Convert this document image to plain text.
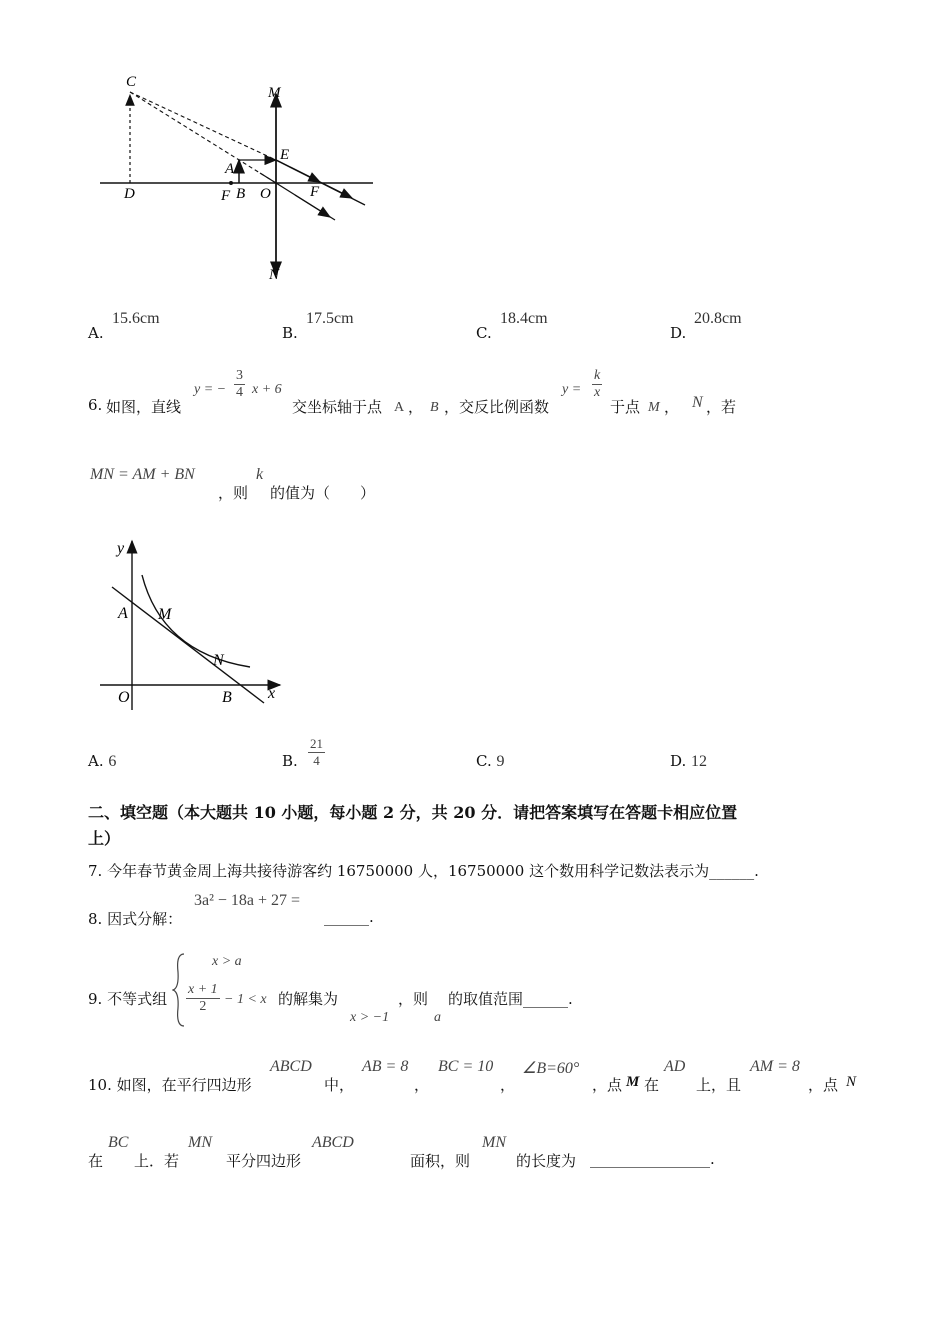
C
D
A
B
F O
E
F
M
N
A.
15.6cm
B.
17.5cm
C.
18.4cm
D.
20.8cm
6. 如图，直线
y = − $\frac{3}{4}$ x + 6
交坐标轴于点 A ， B ，交反比例函数
$y = \frac{k}{x}$
于点 M ， N ，若
MN = AM + BN
，则
k
的值为（　　）
y
A M
N
O	B x
A. 6	B. $\frac{21}{4}$	C. 9	D. 12
二、填空题（本大题共 10 小题，每小题 2 分，共 20 分．请把答案填写在答题卡相应位置
上）
7. 今年春节黄金周上海共接待游客约 16750000 人，16750000 这个数用科学记数法表示为______.
8. 因式分解：
3a² − 18a + 27 =
______.
9. 不等式组
x > a
$\frac{x + 1}{2} - 1 < x$ 的解集为
x > −1
，则
a
的取值范围______.
10. 如图，在平行四边形
ABCD
中，
AB = 8
，
BC = 10
，
∠B=60°
，点 M 在
AD
上，且
AM = 8
，点 N
在
BC
上．若
MN
平分四边形
ABCD
面积，则
MN
的长度为 ________________.
